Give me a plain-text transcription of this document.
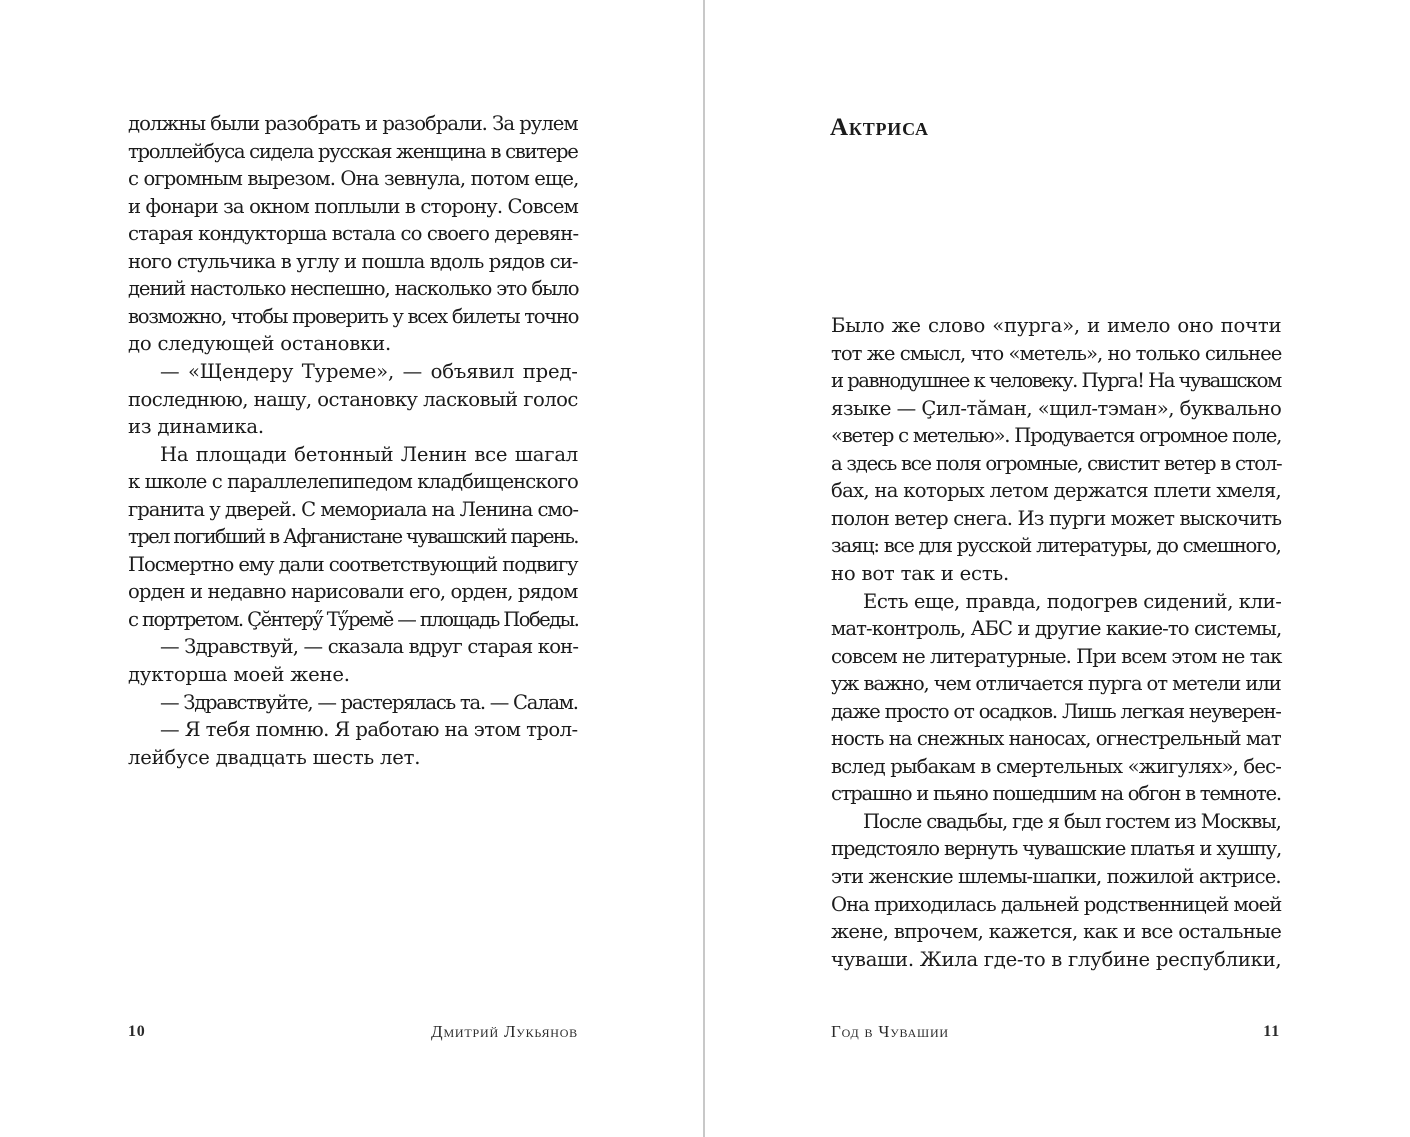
должны были разобрать и разобрали. За рулем
троллейбуса сидела русская женщина в свитере
с огромным вырезом. Она зевнула, потом еще,
и фонари за окном поплыли в сторону. Совсем
старая кондукторша встала со своего деревян-
ного стульчика в углу и пошла вдоль рядов си-
дений настолько неспешно, насколько это было
возможно, чтобы проверить у всех билеты точно
до следующей остановки.
— «Щендеру Туреме», — объявил пред-
последнюю, нашу, остановку ласковый голос
из динамика.
На площади бетонный Ленин все шагал
к школе с параллелепипедом кладбищенского
гранита у дверей. С мемориала на Ленина смо-
трел погибший в Афганистане чувашский парень.
Посмертно ему дали соответствующий подвигу
орден и недавно нарисовали его, орден, рядом
с портретом. Ҫӗнтерӳ Тӳремӗ — площадь Победы.
— Здравствуй, — сказала вдруг старая кон-
дукторша моей жене.
— Здравствуйте, — растерялась та. — Салам.
— Я тебя помню. Я работаю на этом трол-
лейбусе двадцать шесть лет.
10	Дмитрий Лукьянов
Актриса
Было же слово «пурга», и имело оно почти
тот же смысл, что «метель», но только сильнее
и равнодушнее к человеку. Пурга! На чувашском
языке — Ҫил-тӑман, «щил-тэман», буквально
«ветер с метелью». Продувается огромное поле,
а здесь все поля огромные, свистит ветер в стол-
бах, на которых летом держатся плети хмеля,
полон ветер снега. Из пурги может выскочить
заяц: все для русской литературы, до смешного,
но вот так и есть.
Есть еще, правда, подогрев сидений, кли-
мат-контроль, АБС и другие какие-то системы,
совсем не литературные. При всем этом не так
уж важно, чем отличается пурга от метели или
даже просто от осадков. Лишь легкая неуверен-
ность на снежных наносах, огнестрельный мат
вслед рыбакам в смертельных «жигулях», бес-
страшно и пьяно пошедшим на обгон в темноте.
После свадьбы, где я был гостем из Москвы,
предстояло вернуть чувашские платья и хушпу,
эти женские шлемы-шапки, пожилой актрисе.
Она приходилась дальней родственницей моей
жене, впрочем, кажется, как и все остальные
чуваши. Жила где-то в глубине республики,
Год в Чувашии	11
